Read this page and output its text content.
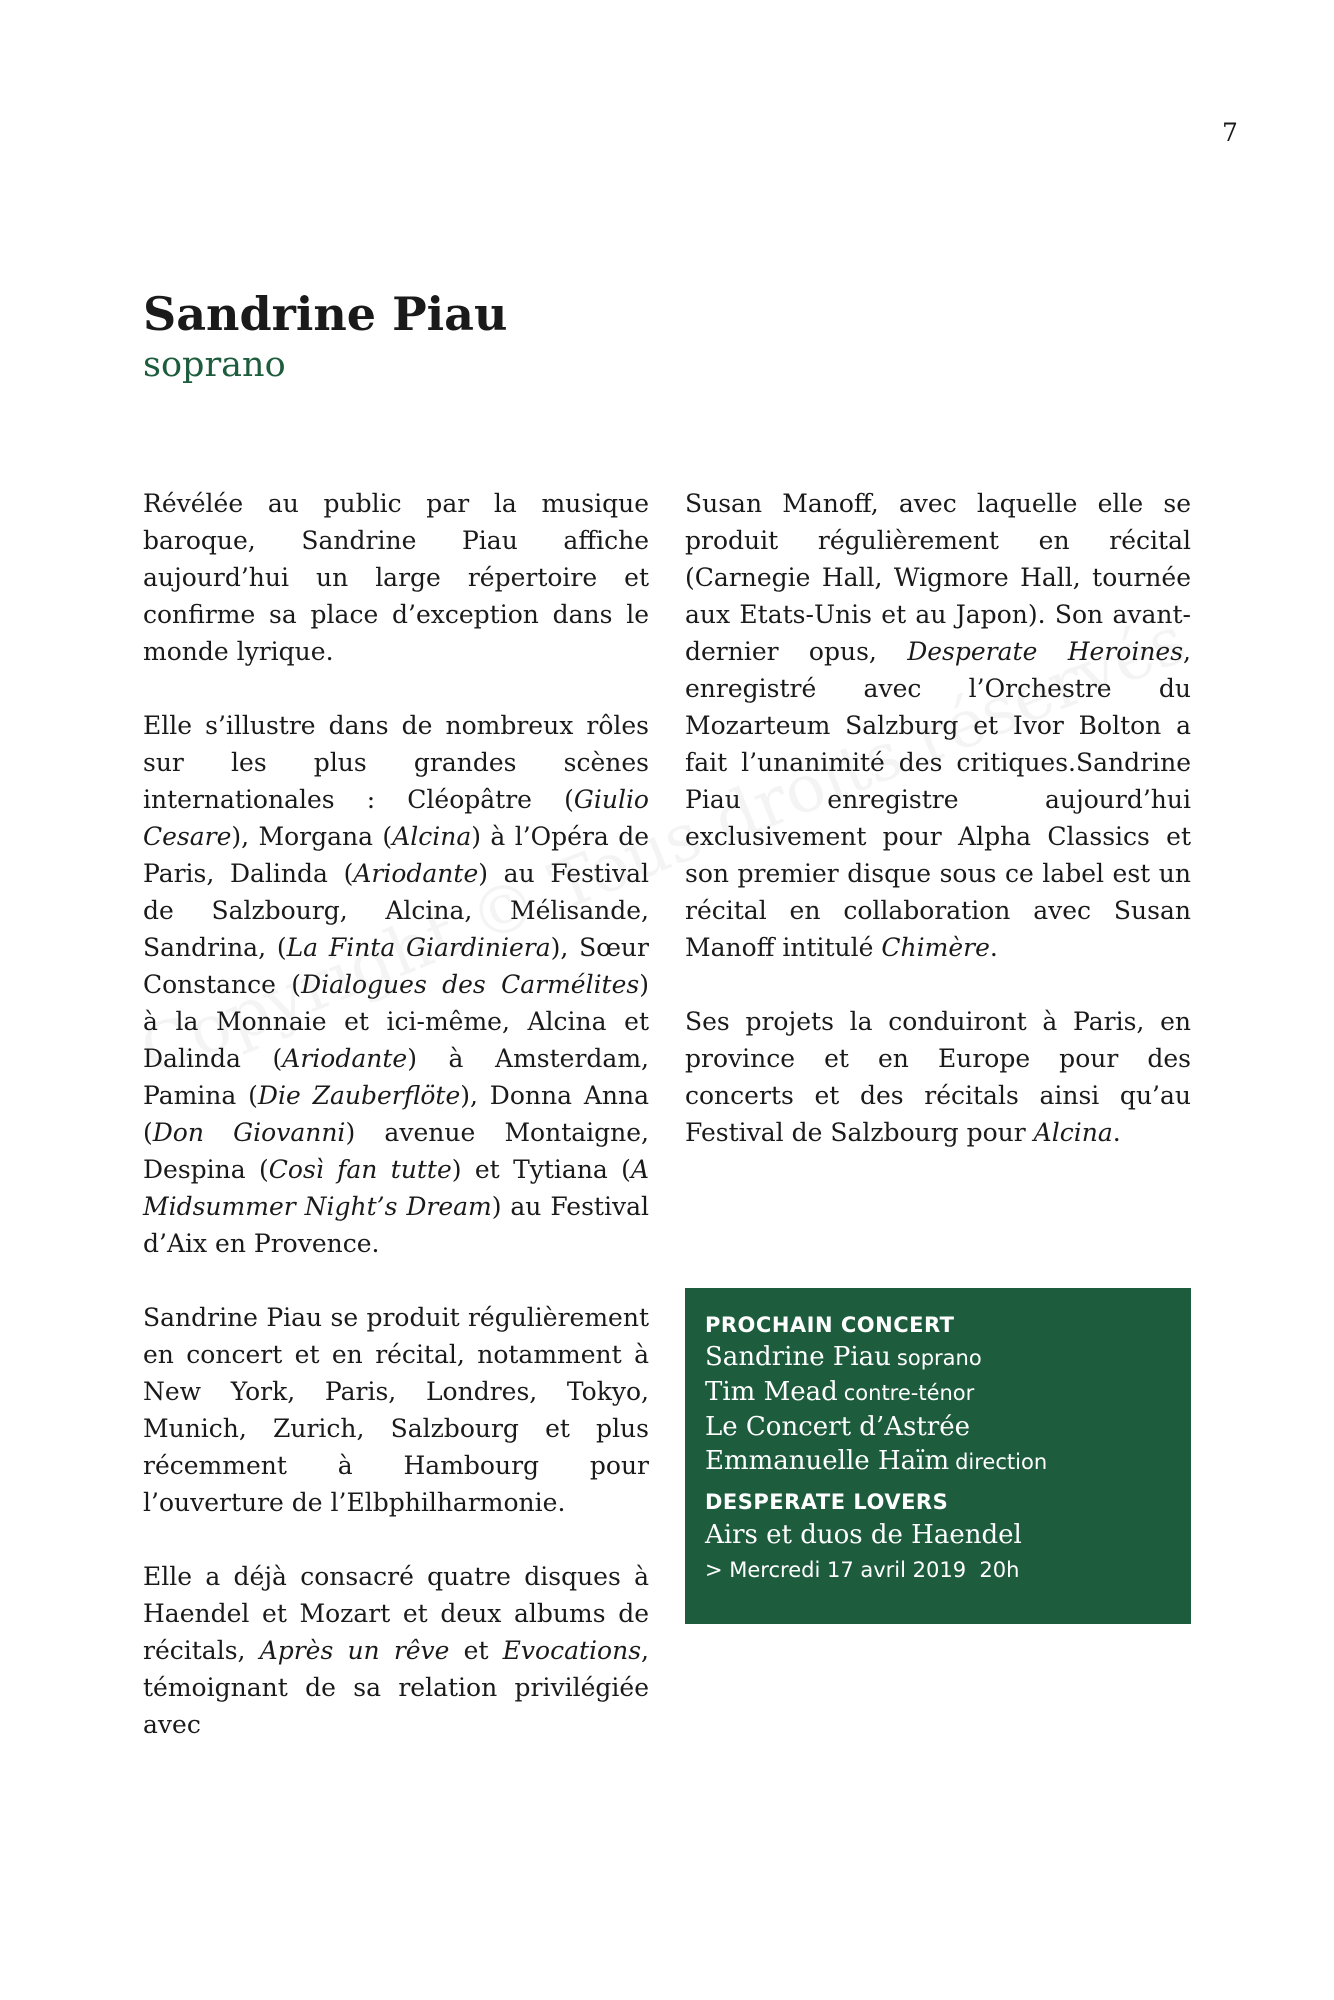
7
Sandrine Piau
soprano

Révélée au public par la musique baroque, Sandrine Piau affiche aujourd’hui un large répertoire et confirme sa place d’exception dans le monde lyrique.

Elle s’illustre dans de nombreux rôles sur les plus grandes scènes internationales : Cléopâtre (Giulio Cesare), Morgana (Alcina) à l’Opéra de Paris, Dalinda (Ariodante) au Festival de Salzbourg, Alcina, Mélisande, Sandrina, (La Finta Giardiniera), Sœur Constance (Dialogues des Carmélites) à la Monnaie et ici-même, Alcina et Dalinda (Ariodante) à Amsterdam, Pamina (Die Zauberflöte), Donna Anna (Don Giovanni) avenue Montaigne, Despina (Così fan tutte) et Tytiana (A Midsummer Night’s Dream) au Festival d’Aix en Provence.

Sandrine Piau se produit régulièrement en concert et en récital, notamment à New York, Paris, Londres, Tokyo, Munich, Zurich, Salzbourg et plus récemment à Hambourg pour l’ouverture de l’Elbphilharmonie.

Elle a déjà consacré quatre disques à Haendel et Mozart et deux albums de récitals, Après un rêve et Evocations, témoignant de sa relation privilégiée avec

Susan Manoff, avec laquelle elle se produit régulièrement en récital (Carnegie Hall, Wigmore Hall, tournée aux Etats-Unis et au Japon). Son avant-dernier opus, Desperate Heroines, enregistré avec l’Orchestre du Mozarteum Salzburg et Ivor Bolton a fait l’unanimité des critiques.Sandrine Piau enregistre aujourd’hui exclusivement pour Alpha Classics et son premier disque sous ce label est un récital en collaboration avec Susan Manoff intitulé Chimère.

Ses projets la conduiront à Paris, en province et en Europe pour des concerts et des récitals ainsi qu’au Festival de Salzbourg pour Alcina.

PROCHAIN CONCERT
Sandrine Piau soprano
Tim Mead contre-ténor
Le Concert d’Astrée
Emmanuelle Haïm direction
DESPERATE LOVERS
Airs et duos de Haendel
> Mercredi 17 avril 2019  20h
